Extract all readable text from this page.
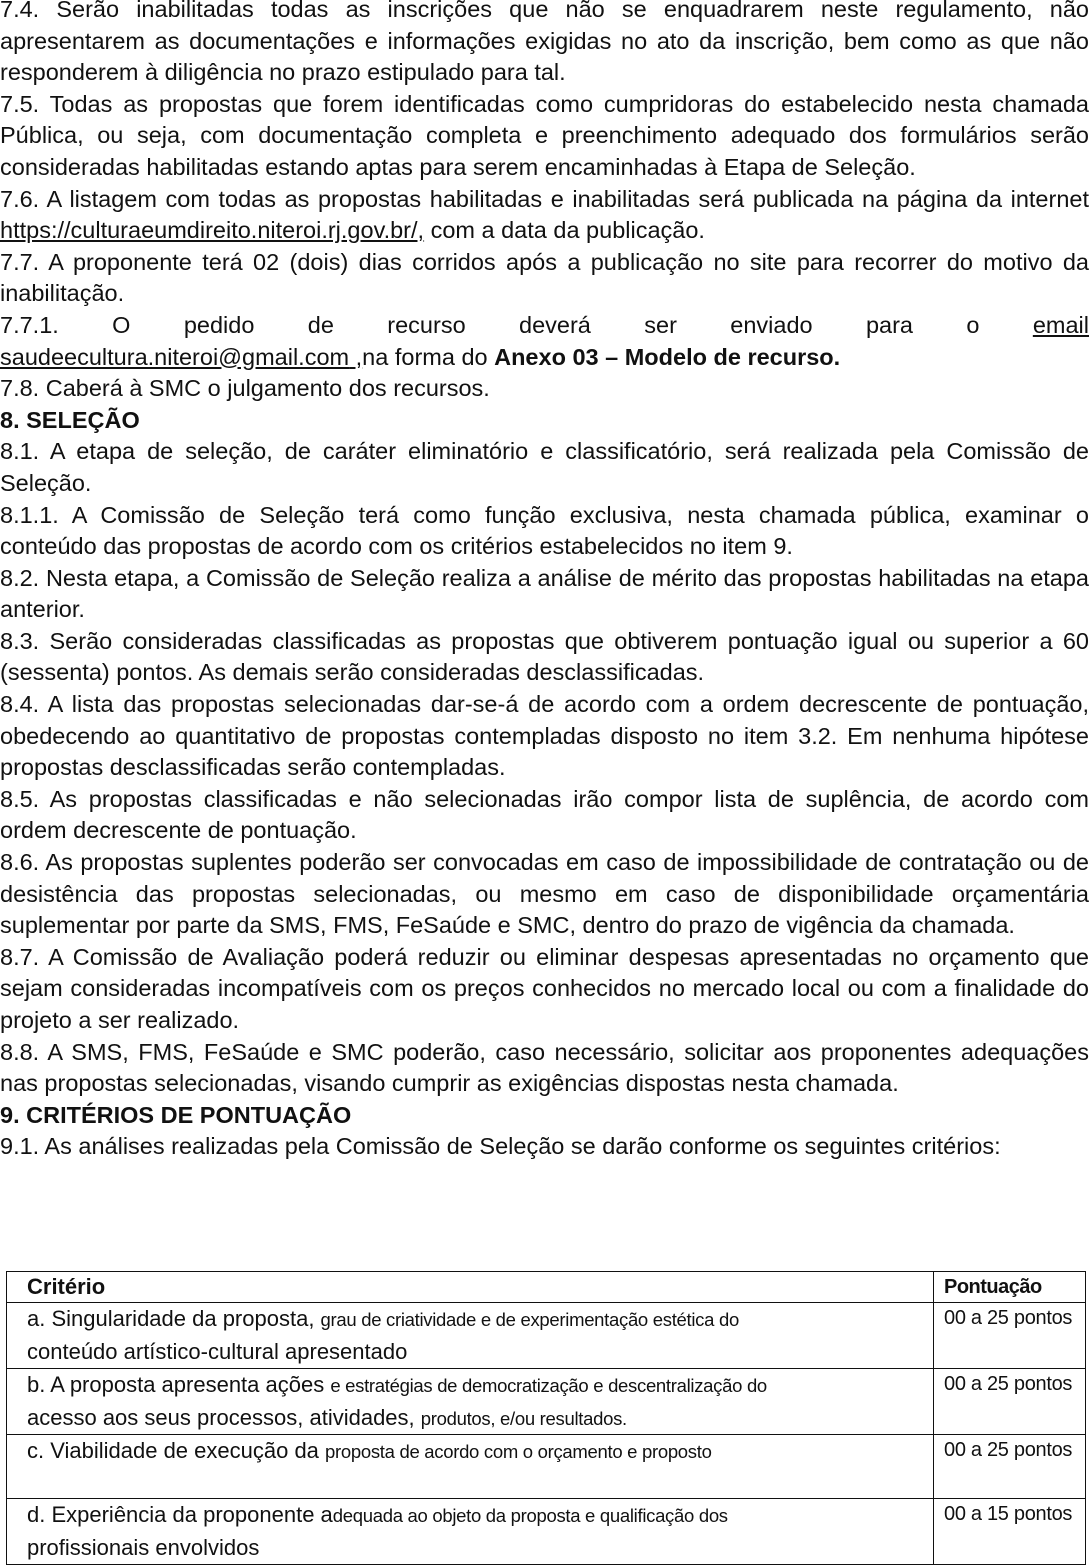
7.4. Serão inabilitadas todas as inscrições que não se enquadrarem neste regulamento, não apresentarem as documentações e informações exigidas no ato da inscrição, bem como as que não responderem à diligência no prazo estipulado para tal.

7.5. Todas as propostas que forem identificadas como cumpridoras do estabelecido nesta chamada Pública, ou seja, com documentação completa e preenchimento adequado dos formulários serão consideradas habilitadas estando aptas para serem encaminhadas à Etapa de Seleção.

7.6. A listagem com todas as propostas habilitadas e inabilitadas será publicada na página da internet https://culturaeumdireito.niteroi.rj.gov.br/, com a data da publicação.

7.7. A proponente terá 02 (dois) dias corridos após a publicação no site para recorrer do motivo da inabilitação.

7.7.1. O pedido de recurso deverá ser enviado para o email

saudeecultura.niteroi@gmail.com ,na forma do Anexo 03 – Modelo de recurso.

7.8. Caberá à SMC o julgamento dos recursos.

8. SELEÇÃO

8.1. A etapa de seleção, de caráter eliminatório e classificatório, será realizada pela Comissão de Seleção.

8.1.1. A Comissão de Seleção terá como função exclusiva, nesta chamada pública, examinar o conteúdo das propostas de acordo com os critérios estabelecidos no item 9.

8.2. Nesta etapa, a Comissão de Seleção realiza a análise de mérito das propostas habilitadas na etapa anterior.

8.3. Serão consideradas classificadas as propostas que obtiverem pontuação igual ou superior a 60 (sessenta) pontos. As demais serão consideradas desclassificadas.

8.4. A lista das propostas selecionadas dar-se-á de acordo com a ordem decrescente de pontuação, obedecendo ao quantitativo de propostas contempladas disposto no item 3.2. Em nenhuma hipótese propostas desclassificadas serão contempladas.

8.5. As propostas classificadas e não selecionadas irão compor lista de suplência, de acordo com ordem decrescente de pontuação.

8.6. As propostas suplentes poderão ser convocadas em caso de impossibilidade de contratação ou de desistência das propostas selecionadas, ou mesmo em caso de disponibilidade orçamentária suplementar por parte da SMS, FMS, FeSaúde e SMC, dentro do prazo de vigência da chamada.

8.7. A Comissão de Avaliação poderá reduzir ou eliminar despesas apresentadas no orçamento que sejam consideradas incompatíveis com os preços conhecidos no mercado local ou com a finalidade do projeto a ser realizado.

8.8. A SMS, FMS, FeSaúde e SMC poderão, caso necessário, solicitar aos proponentes adequações nas propostas selecionadas, visando cumprir as exigências dispostas nesta chamada.

9. CRITÉRIOS DE PONTUAÇÃO

9.1. As análises realizadas pela Comissão de Seleção se darão conforme os seguintes critérios:

Critério	Pontuação
a. Singularidade da proposta, grau de criatividade e de experimentação estética do
conteúdo artístico-cultural apresentado	00 a 25 pontos
b. A proposta apresenta ações e estratégias de democratização e descentralização do
acesso aos seus processos, atividades, produtos, e/ou resultados.	00 a 25 pontos
c. Viabilidade de execução da proposta de acordo com o orçamento e proposto	00 a 25 pontos
d. Experiência da proponente adequada ao objeto da proposta e qualificação dos
profissionais envolvidos	00 a 15 pontos
